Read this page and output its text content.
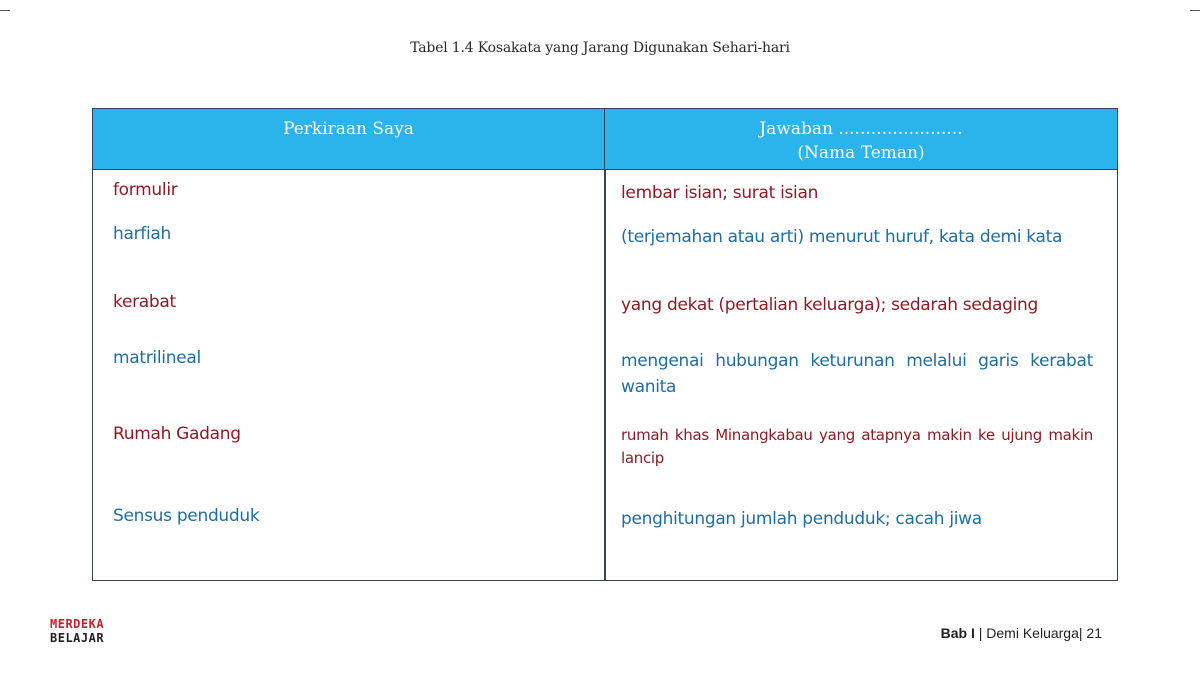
Tabel 1.4 Kosakata yang Jarang Digunakan Sehari-hari
Perkiraan Saya	Jawaban .......................
(Nama Teman)
formulir	lembar isian; surat isian
harfiah	(terjemahan atau arti) menurut huruf, kata demi kata
kerabat	yang dekat (pertalian keluarga); sedarah sedaging
matrilineal	mengenai hubungan keturunan melalui garis kerabat wanita
Rumah Gadang	rumah khas Minangkabau yang atapnya makin ke ujung makin lancip
Sensus penduduk	penghitungan jumlah penduduk; cacah jiwa
MERDEKA
BELAJAR	Bab I | Demi Keluarga| 21
